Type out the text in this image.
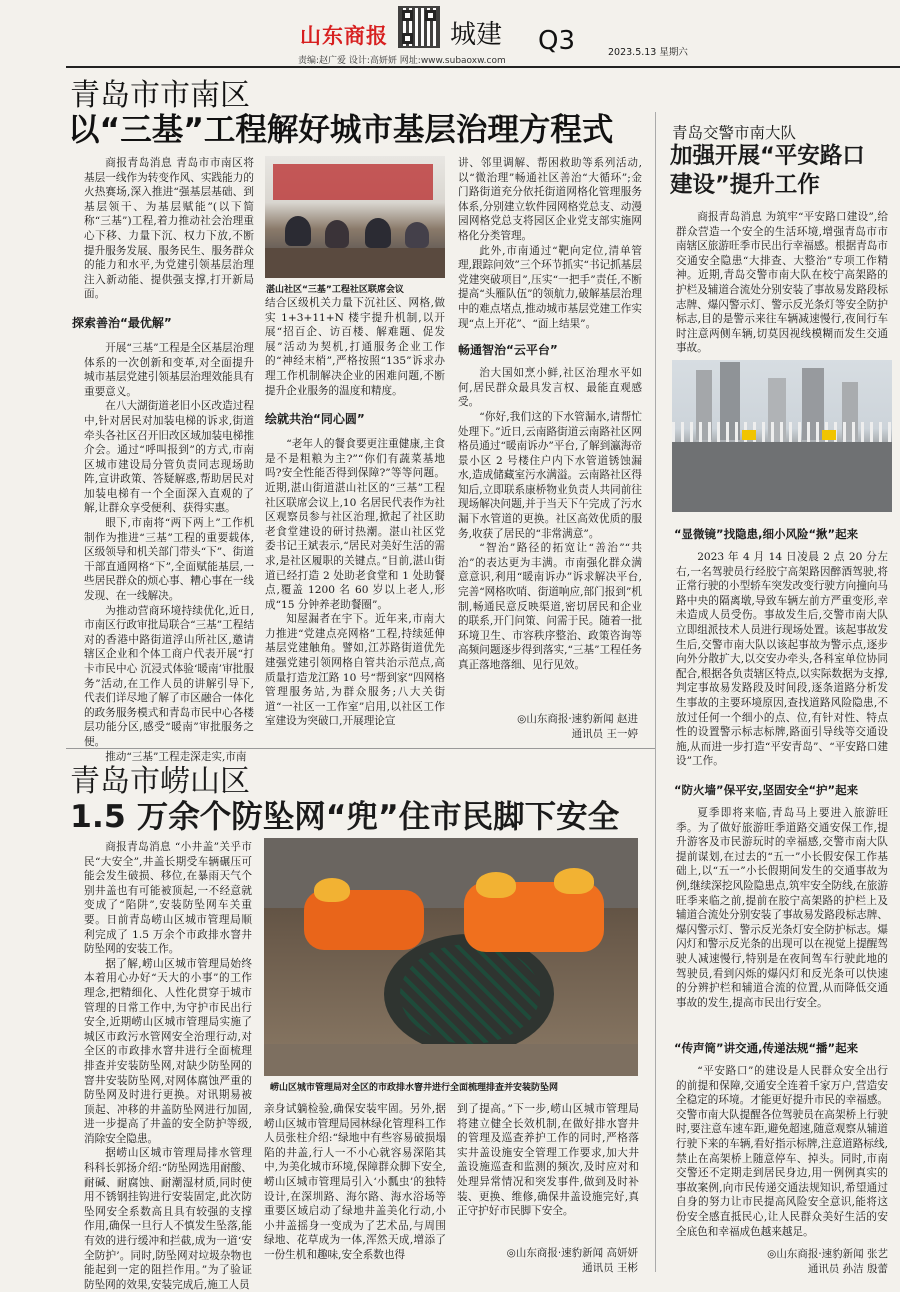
山东商报 城建 Q3	2023.5.13 星期六
责编:赵广爱 设计:高妍妍 网址:www.subaoxw.com
青岛市市南区
以“三基”工程解好城市基层治理方程式

商报青岛消息 青岛市市南区将基层一线作为转变作风、实践能力的火热赛场,深入推进“强基层基础、到基层领干、为基层赋能”(以下简称“三基”)工程,着力推动社会治理重心下移、力量下沉、权力下放,不断提升服务发展、服务民生、服务群众的能力和水平,为党建引领基层治理注入新动能、提供强支撑,打开新局面。

探索善治“最优解”

开展“三基”工程是全区基层治理体系的一次创新和变革,对全面提升城市基层党建引领基层治理效能具有重要意义。

在八大湖街道老旧小区改造过程中,针对居民对加装电梯的诉求,街道牵头各社区召开旧改区域加装电梯推介会。通过“呼叫报到”的方式,市南区城市建设局分管负责同志现场助阵,宣讲政策、答疑解惑,帮助居民对加装电梯有一个全面深入直观的了解,让群众享受便利、获得实惠。

眼下,市南将“两下两上”工作机制作为推进“三基”工程的重要载体,区级领导和机关部门带头“下”、街道干部直通网格“下”,全面赋能基层,一些居民群众的烦心事、糟心事在一线发现、在一线解决。

为推动营商环境持续优化,近日,市南区行政审批局联合“三基”工程结对的香港中路街道浮山所社区,邀请辖区企业和个体工商户代表开展“打卡市民中心 沉浸式体验‘暖南’审批服务”活动,在工作人员的讲解引导下,代表们详尽地了解了市区融合一体化的政务服务模式和青岛市民中心各楼层功能分区,感受“暖南”审批服务之便。

推动“三基”工程走深走实,市南

湛山社区“三基”工程社区联席会议

结合区级机关力量下沉社区、网格,做实 1+3+11+N 楼宇提升机制,以开展“招百企、访百楼、解难题、促发展”活动为契机,打通服务企业工作的“神经末梢”,严格按照“135”诉求办理工作机制解决企业的困难问题,不断提升企业服务的温度和精度。

绘就共治“同心圆”

“老年人的餐食要更注重健康,主食是不是粗粮为主?”“你们有蔬菜基地吗?安全性能否得到保障?”等等问题。近期,湛山街道湛山社区的“三基”工程社区联席会议上,10 名居民代表作为社区观察员参与社区治理,掀起了社区助老食堂建设的研讨热潮。湛山社区党委书记王斌表示,“居民对美好生活的需求,是社区履职的关键点。”目前,湛山街道已经打造 2 处助老食堂和 1 处助餐点,覆盖 1200 名 60 岁以上老人,形成“15 分钟养老助餐圈”。

知屋漏者在宇下。近年来,市南大力推进“党建点亮网格”工程,持续延伸基层党建触角。譬如,江苏路街道优先建强党建引领网格自管共治示范点,高质量打造龙江路 10 号“帮到家”四网格管理服务站,为群众服务;八大关街道“一社区一工作室”启用,以社区工作室建设为突破口,开展理论宣

讲、邻里调解、帮困救助等系列活动,以“微治理”畅通社区善治“大循环”;金门路街道充分依托街道网格化管理服务体系,分别建立软件园网格党总支、动漫园网格党总支将园区企业党支部实施网格化分类管理。

此外,市南通过“靶向定位,清单管理,跟踪问效”三个环节抓实“书记抓基层党建突破项目”,压实“一把手”责任,不断提高“头雁队伍”的领航力,破解基层治理中的难点堵点,推动城市基层党建工作实现“点上开花”、“面上结果”。

畅通智治“云平台”

治大国如烹小鲜,社区治理水平如何,居民群众最具发言权、最能直观感受。

“你好,我们这的下水管漏水,请帮忙处理下。”近日,云南路街道云南路社区网格员通过“暖南诉办”平台,了解到瀛海帝景小区 2 号楼住户内下水管道锈蚀漏水,造成储藏室污水满溢。云南路社区得知后,立即联系康桥物业负责人共同前往现场解决问题,并于当天下午完成了污水漏下水管道的更换。社区高效优质的服务,收获了居民的“非常满意”。

“智治”路径的拓宽让“善治”“共治”的表达更为丰满。市南强化群众满意意识,利用“暖南诉办”诉求解决平台,完善“网格吹哨、街道响应,部门报到”机制,畅通民意反映渠道,密切居民和企业的联系,开门问策、问需于民。随着一批环境卫生、市容秩序整治、政策咨询等高频问题逐步得到落实,“三基”工程任务真正落地落细、见行见效。

◎山东商报·速豹新闻 赵进
通讯员 王一婷
青岛交警市南大队
加强开展“平安路口
建设”提升工作

商报青岛消息 为筑牢“平安路口建设”,给群众营造一个安全的生活环境,增强青岛市市南辖区旅游旺季市民出行幸福感。根据青岛市交通安全隐患“大排查、大整治”专项工作精神。近期,青岛交警市南大队在校宁高架路的护栏及辅道合流处分别安装了事故易发路段标志牌、爆闪警示灯、警示反光条灯等安全防护标志,目的是警示来往车辆减速慢行,夜间行车时注意两侧车辆,切莫因视线模糊而发生交通事故。

“显微镜”找隐患,细小风险“揪”起来

2023 年 4 月 14 日凌晨 2 点 20 分左右,一名驾驶员行经胶宁高架路因醉酒驾驶,将正常行驶的小型轿车突发改变行驶方向撞向马路中央的隔离墩,导致车辆左前方严重变形,幸未造成人员受伤。事故发生后,交警市南大队立即组派技术人员进行现场处置。该起事故发生后,交警市南大队以该起事故为警示点,逐步向外分散扩大,以交安办牵头,各科室单位协同配合,根据各负责辖区特点,以实际数据为支撑,判定事故易发路段及时间段,逐条道路分析发生事故的主要环境原因,查找道路风险隐患,不放过任何一个细小的点、位,有针对性、特点性的设置警示标志标牌,路面引导线等交通设施,从而进一步打造“平安青岛”、“平安路口建设”工作。

“防火墙”保平安,坚固安全“护”起来

夏季即将来临,青岛马上要进入旅游旺季。为了做好旅游旺季道路交通安保工作,提升游客及市民游玩时的幸福感,交警市南大队提前谋划,在过去的“五一”小长假安保工作基础上,以“五一”小长假期间发生的交通事故为例,继续深挖风险隐患点,筑牢安全防线,在旅游旺季来临之前,提前在胶宁高架路的护栏上及辅道合流处分别安装了事故易发路段标志牌、爆闪警示灯、警示反光条灯安全防护标志。爆闪灯和警示反光条的出现可以在视觉上提醒驾驶人减速慢行,特别是在夜间驾车行驶此地的驾驶员,看到闪烁的爆闪灯和反光条可以快速的分辨护栏和辅道合流的位置,从而降低交通事故的发生,提高市民出行安全。

“传声筒”讲交通,传递法规“播”起来

“平安路口”的建设是人民群众安全出行的前提和保障,交通安全连着千家万户,营造安全稳定的环境。才能更好提升市民的幸福感。交警市南大队提醒各位驾驶员在高架桥上行驶时,要注意车速车距,避免超速,随意观察从辅道行驶下来的车辆,看好指示标牌,注意道路标线,禁止在高架桥上随意停车、掉头。同时,市南交警还不定期走到居民身边,用一例例真实的事故案例,向市民传递交通法规知识,希望通过自身的努力让市民提高风险安全意识,能将这份安全感直抵民心,让人民群众美好生活的安全底色和幸福成色越来越足。

◎山东商报·速豹新闻 张艺
通讯员 孙洁 殷蕾
青岛市崂山区
1.5 万余个防坠网“兜”住市民脚下安全

商报青岛消息 “小井盖”关乎市民“大安全”,井盖长期受车辆碾压可能会发生破损、移位,在暴雨天气个别井盖也有可能被顶起,一不经意就变成了“陷阱”,安装防坠网车关重要。日前青岛崂山区城市管理局顺利完成了 1.5 万余个市政排水窨井防坠网的安装工作。

据了解,崂山区城市管理局始终本着用心办好“天大的小事”的工作理念,把精细化、人性化贯穿于城市管理的日常工作中,为守护市民出行安全,近期崂山区城市管理局实施了城区市政污水管网安全治理行动,对全区的市政排水窨井进行全面梳理排查并安装防坠网,对缺少防坠网的窨井安装防坠网,对网体腐蚀严重的防坠网及时进行更换。对讯期易被顶起、冲移的井盖防坠网进行加固,进一步提高了井盖的安全防护等级,消除安全隐患。

据崂山区城市管理局排水管理科科长郭扬介绍:“防坠网选用耐酸、耐碱、耐腐蚀、耐潮湿材质,同时使用不锈钢挂钩进行安装固定,此次防坠网安全系数高且具有较强的支撑作用,确保一旦行人不慎发生坠落,能有效的进行缓冲和拦截,成为一道‘安全防护’。同时,防坠网对垃圾杂物也能起到一定的阻拦作用。”为了验证防坠网的效果,安装完成后,施工人员

崂山区城市管理局对全区的市政排水窨井进行全面梳理排查并安装防坠网

亲身试躺检验,确保安装牢固。另外,据崂山区城市管理局园林绿化管理科工作人员张柱介绍:“绿地中有些容易破损塌陷的井盖,行人一不小心就容易深陷其中,为美化城市环境,保障群众脚下安全,崂山区城市管理局引入‘小瓢虫’的独特设计,在深圳路、海尔路、海水浴场等重要区域启动了绿地井盖美化行动,小小井盖摇身一变成为了艺术品,与周围绿地、花草成为一体,浑然天成,增添了一份生机和趣味,安全系数也得

到了提高。”下一步,崂山区城市管理局将建立健全长效机制,在做好排水窨井的管理及巡查养护工作的同时,严格落实井盖设施安全管理工作要求,加大井盖设施巡查和监测的频次,及时应对和处理异常情况和突发事件,做到及时补装、更换、维修,确保井盖设施完好,真正守护好市民脚下安全。

◎山东商报·速豹新闻 高妍妍
通讯员 王彬
